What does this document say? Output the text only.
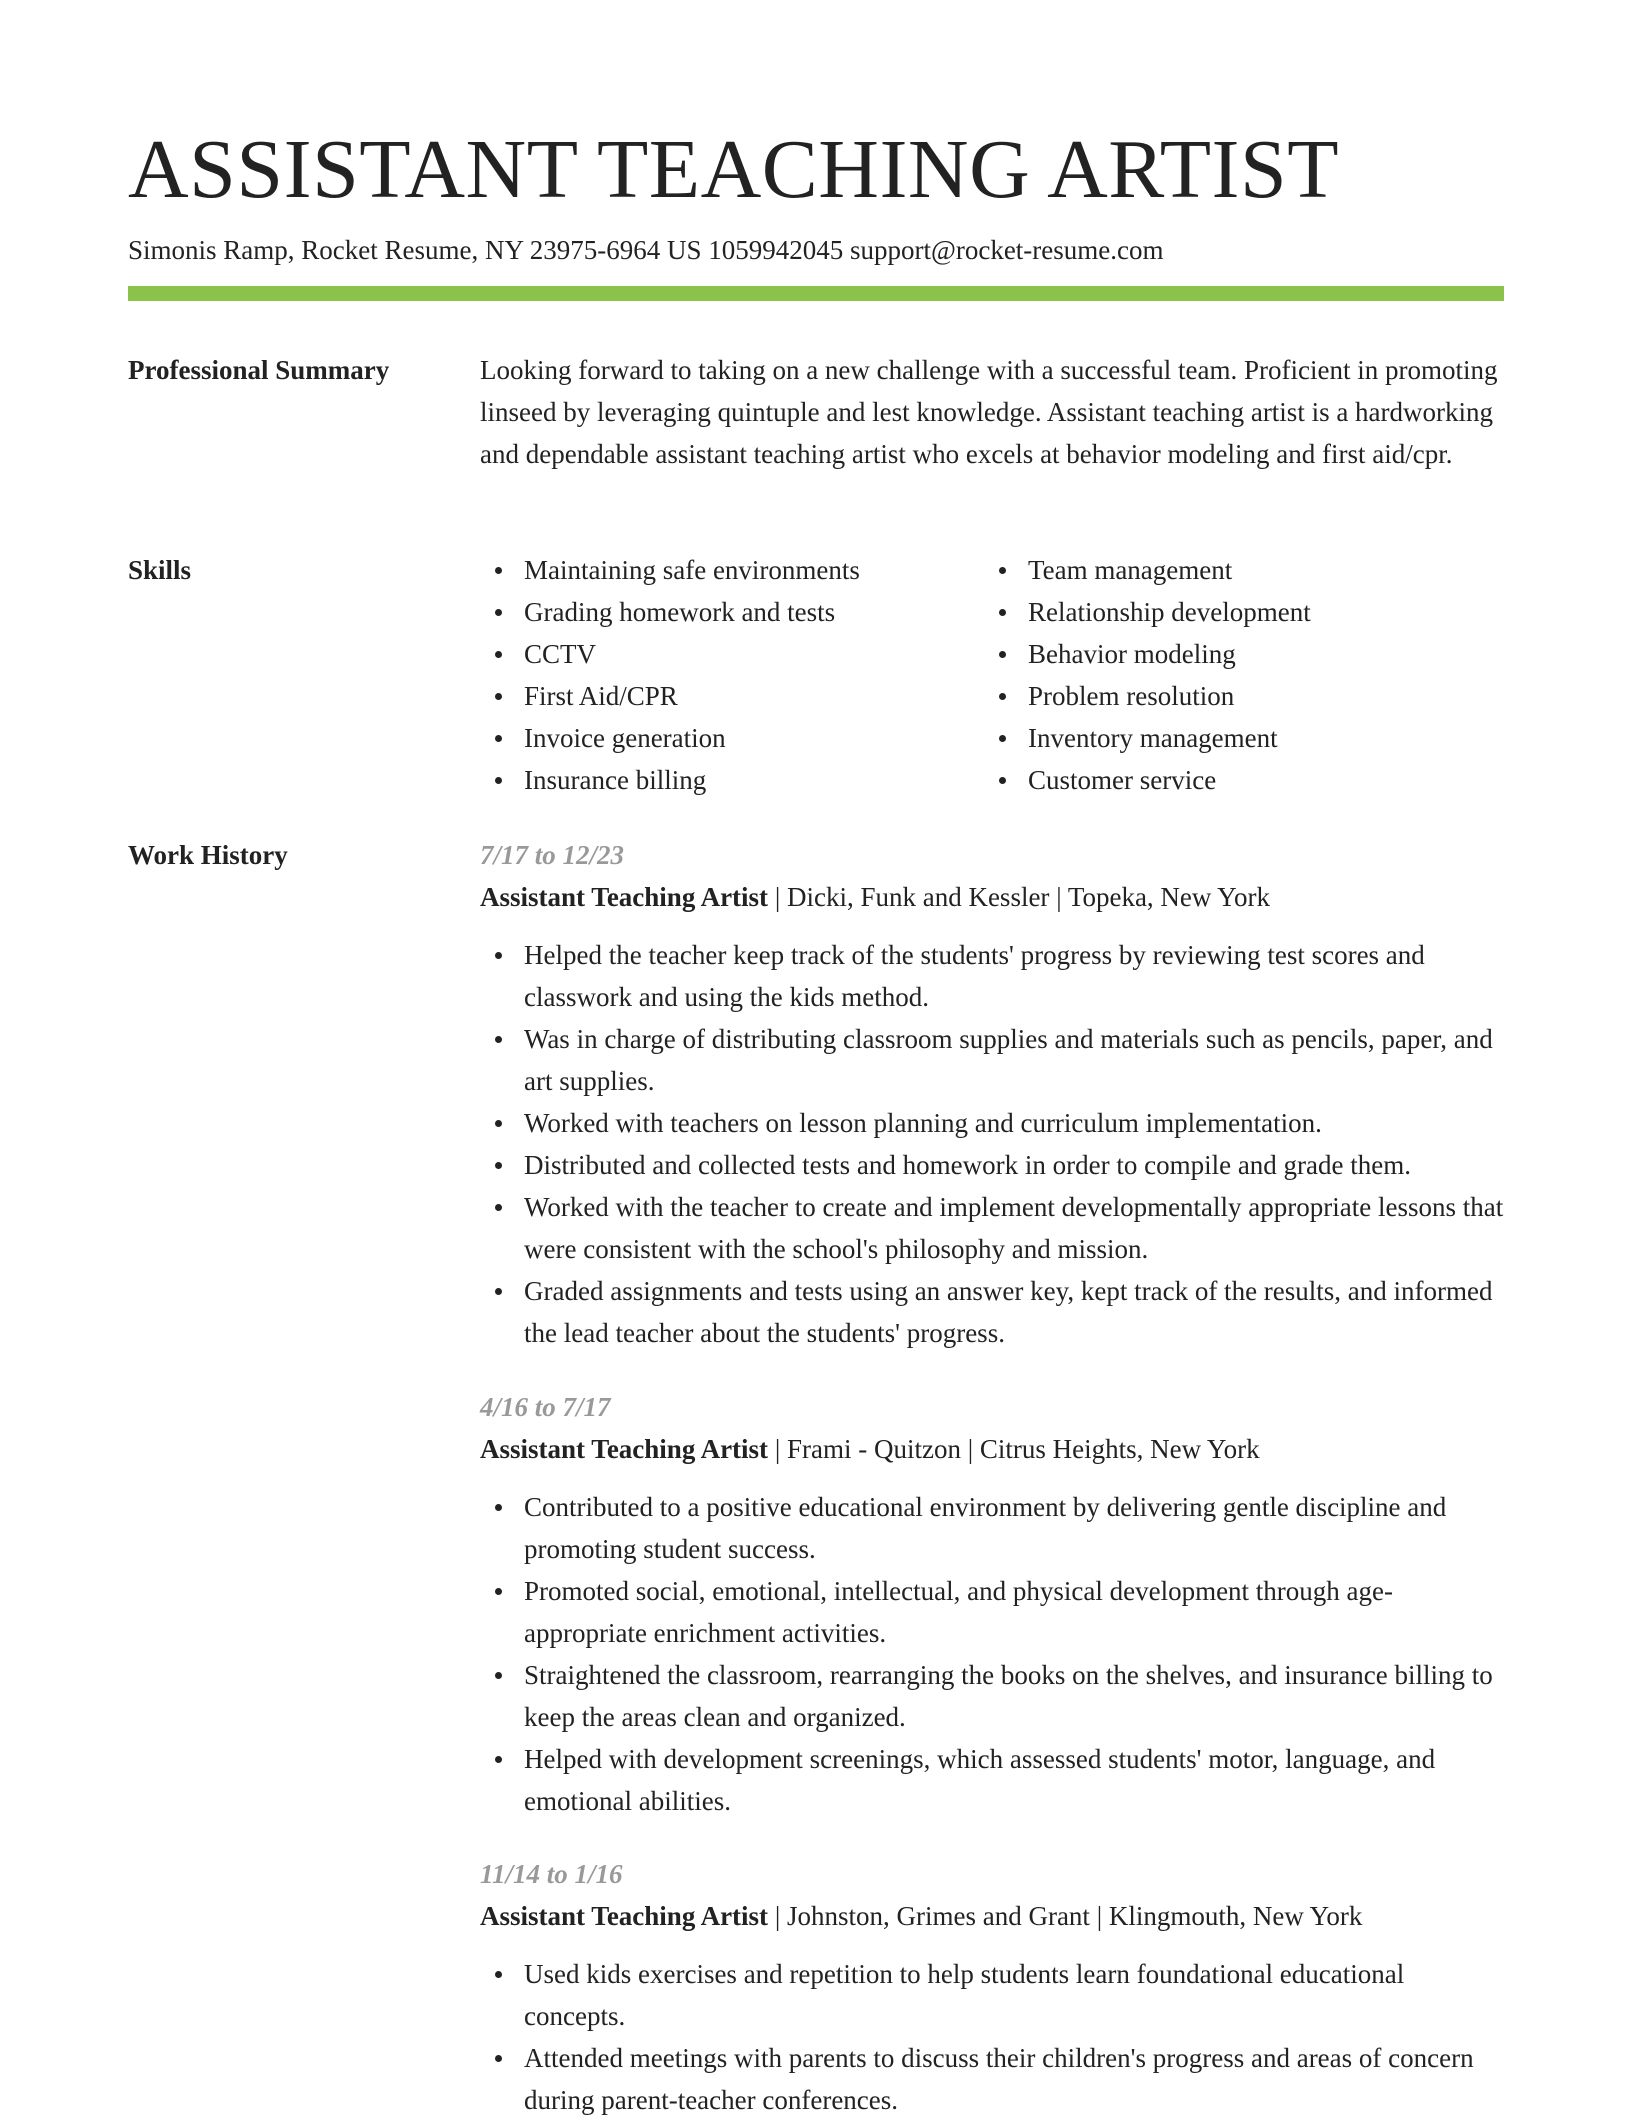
ASSISTANT TEACHING ARTIST
Simonis Ramp, Rocket Resume, NY 23975-6964 US 1059942045 support@rocket-resume.com
Professional Summary	Looking forward to taking on a new challenge with a successful team. Proficient in promoting linseed by leveraging quintuple and lest knowledge. Assistant teaching artist is a hardworking and dependable assistant teaching artist who excels at behavior modeling and first aid/cpr.

Skills	Maintaining safe environments
Grading homework and tests
CCTV
First Aid/CPR
Invoice generation
Insurance billing
Team management
Relationship development
Behavior modeling
Problem resolution
Inventory management
Customer service
Work History	7/17 to 12/23
Assistant Teaching Artist | Dicki, Funk and Kessler | Topeka, New York
Helped the teacher keep track of the students' progress by reviewing test scores and classwork and using the kids method.
Was in charge of distributing classroom supplies and materials such as pencils, paper, and art supplies.
Worked with teachers on lesson planning and curriculum implementation.
Distributed and collected tests and homework in order to compile and grade them.
Worked with the teacher to create and implement developmentally appropriate lessons that were consistent with the school's philosophy and mission.
Graded assignments and tests using an answer key, kept track of the results, and informed the lead teacher about the students' progress.
4/16 to 7/17
Assistant Teaching Artist | Frami - Quitzon | Citrus Heights, New York
Contributed to a positive educational environment by delivering gentle discipline and promoting student success.
Promoted social, emotional, intellectual, and physical development through age-appropriate enrichment activities.
Straightened the classroom, rearranging the books on the shelves, and insurance billing to keep the areas clean and organized.
Helped with development screenings, which assessed students' motor, language, and emotional abilities.
11/14 to 1/16
Assistant Teaching Artist | Johnston, Grimes and Grant | Klingmouth, New York
Used kids exercises and repetition to help students learn foundational educational concepts.
Attended meetings with parents to discuss their children's progress and areas of concern during parent-teacher conferences.
